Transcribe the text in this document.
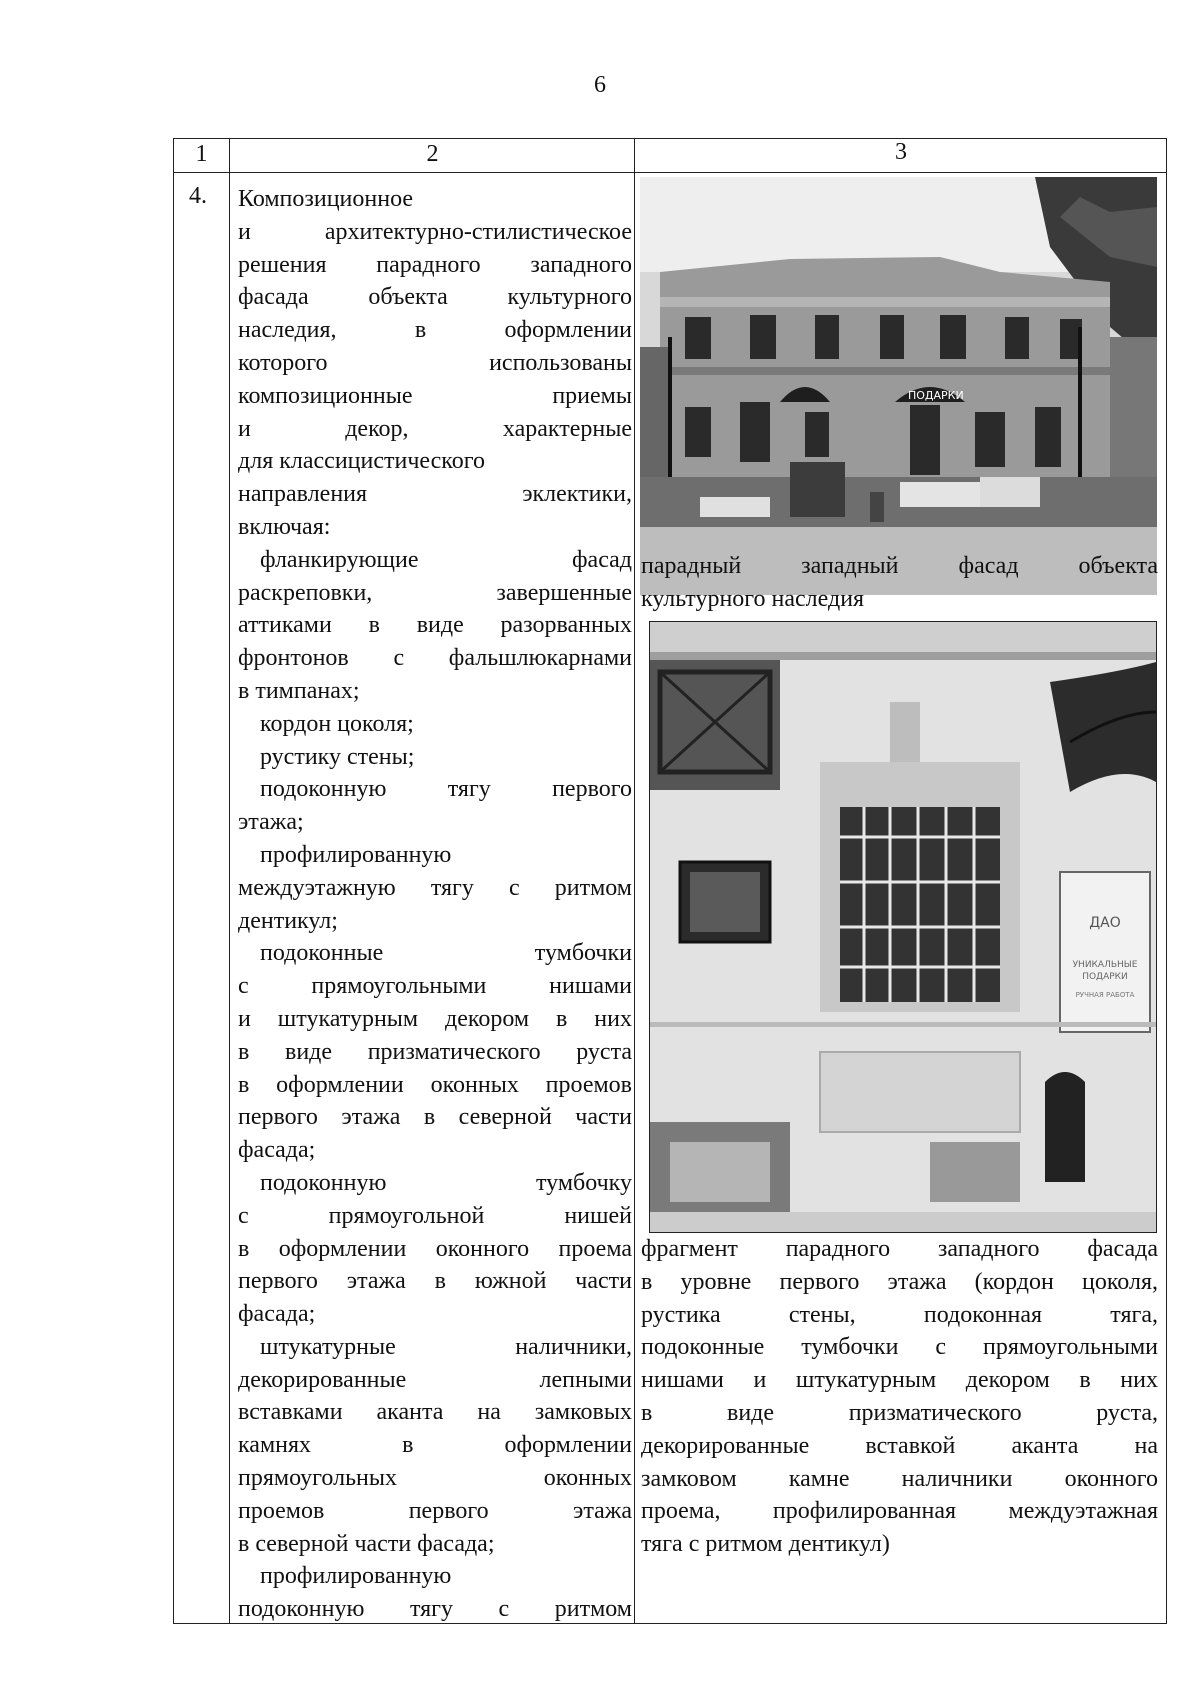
6
1	2	3
4. Композиционное

и архитектурно-стилистическое

решения парадного западного

фасада объекта культурного

наследия, в оформлении

которого использованы

композиционные приемы

и декор, характерные

для классицистического

направления эклектики,

включая:

фланкирующие фасад

раскреповки, завершенные

аттиками в виде разорванных

фронтонов с фальшлюкарнами

в тимпанах;

кордон цоколя;

рустику стены;

подоконную тягу первого

этажа;

профилированную

междуэтажную тягу с ритмом

дентикул;

подоконные тумбочки

с прямоугольными нишами

и штукатурным декором в них

в виде призматического руста

в оформлении оконных проемов

первого этажа в северной части

фасада;

подоконную тумбочку

с прямоугольной нишей

в оформлении оконного проема

первого этажа в южной части

фасада;

штукатурные наличники,

декорированные лепными

вставками аканта на замковых

камнях в оформлении

прямоугольных оконных

проемов первого этажа

в северной части фасада;

профилированную

подоконную тягу с ритмом

ПОДАРКИ

парадный западный фасад объекта

культурного наследия

ДАО
УНИКАЛЬНЫЕ
ПОДАРКИ
РУЧНАЯ РАБОТА

фрагмент парадного западного фасада

в уровне первого этажа (кордон цоколя,

рустика стены, подоконная тяга,

подоконные тумбочки с прямоугольными

нишами и штукатурным декором в них

в виде призматического руста,

декорированные вставкой аканта на

замковом камне наличники оконного

проема, профилированная междуэтажная

тяга с ритмом дентикул)
